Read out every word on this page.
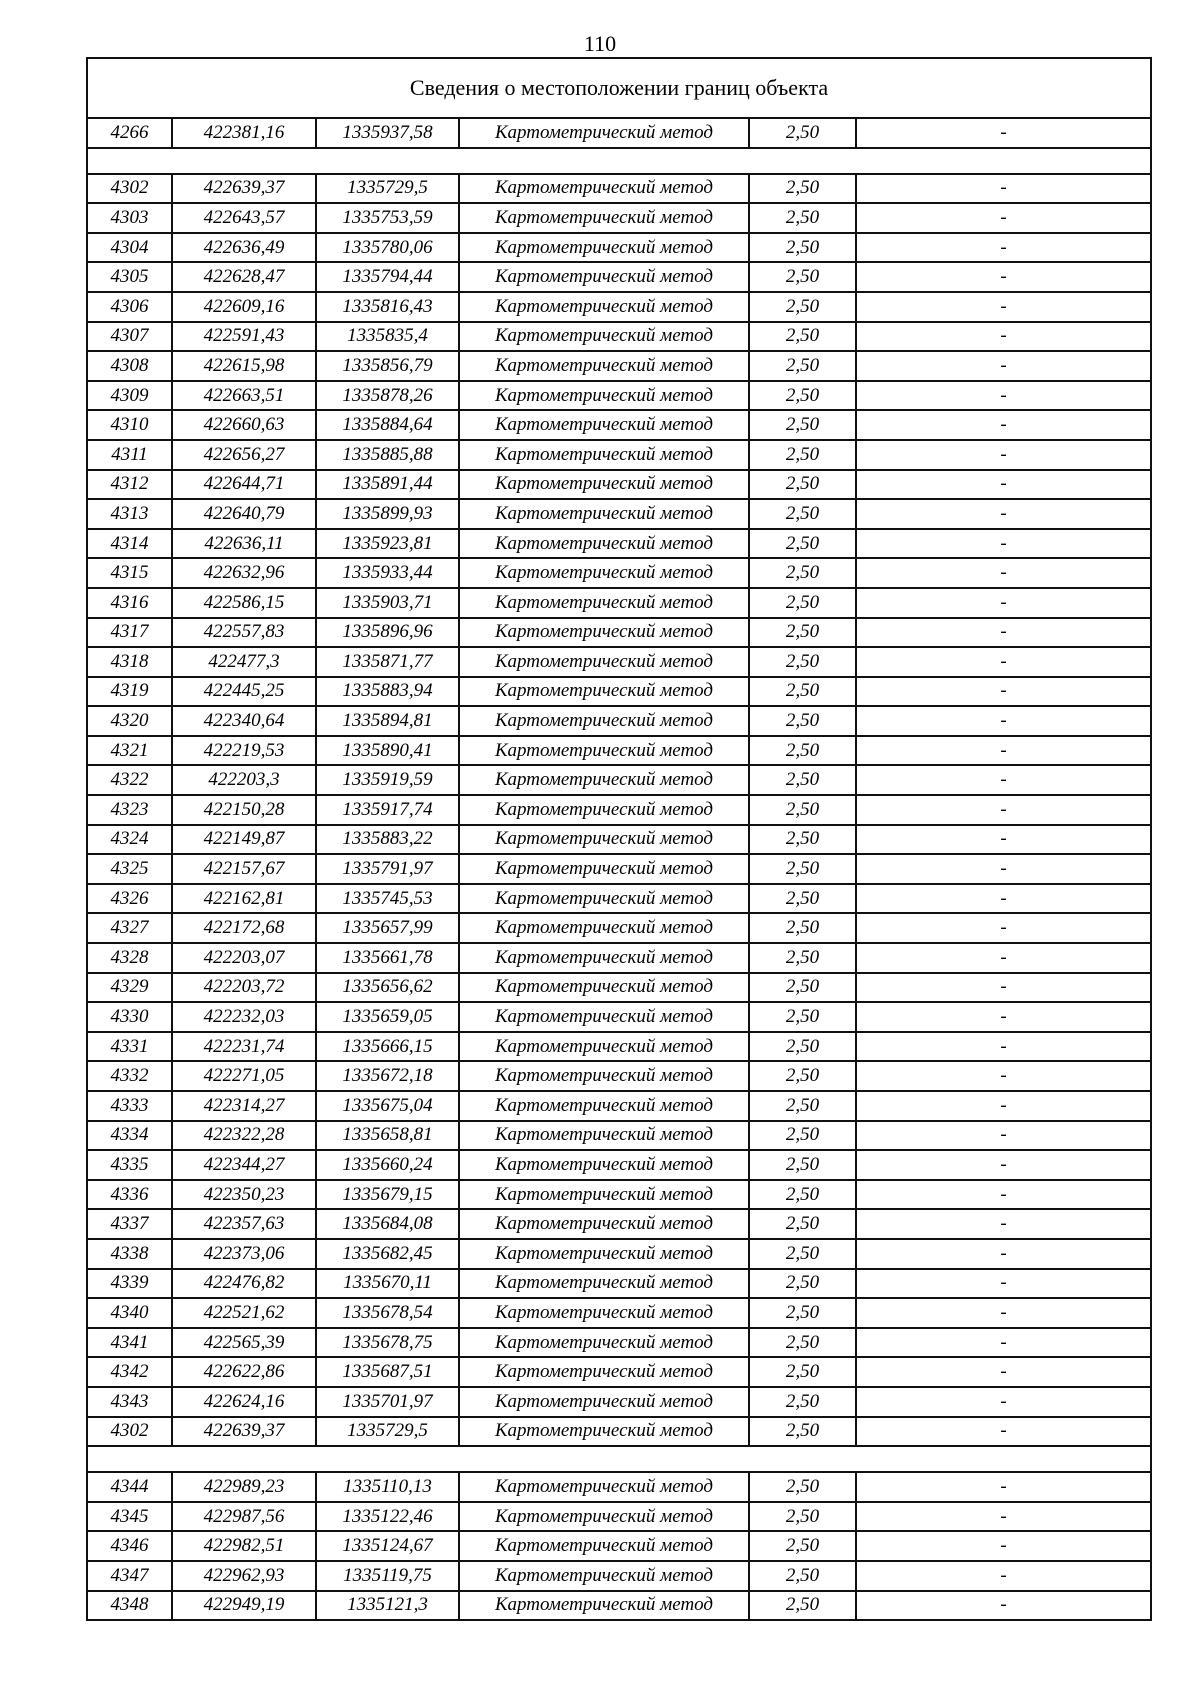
110
Сведения о местоположении границ объекта					
4266	422381,16	1335937,58	Картометрический метод	2,50	-

4302	422639,37	1335729,5	Картометрический метод	2,50	-
4303	422643,57	1335753,59	Картометрический метод	2,50	-
4304	422636,49	1335780,06	Картометрический метод	2,50	-
4305	422628,47	1335794,44	Картометрический метод	2,50	-
4306	422609,16	1335816,43	Картометрический метод	2,50	-
4307	422591,43	1335835,4	Картометрический метод	2,50	-
4308	422615,98	1335856,79	Картометрический метод	2,50	-
4309	422663,51	1335878,26	Картометрический метод	2,50	-
4310	422660,63	1335884,64	Картометрический метод	2,50	-
4311	422656,27	1335885,88	Картометрический метод	2,50	-
4312	422644,71	1335891,44	Картометрический метод	2,50	-
4313	422640,79	1335899,93	Картометрический метод	2,50	-
4314	422636,11	1335923,81	Картометрический метод	2,50	-
4315	422632,96	1335933,44	Картометрический метод	2,50	-
4316	422586,15	1335903,71	Картометрический метод	2,50	-
4317	422557,83	1335896,96	Картометрический метод	2,50	-
4318	422477,3	1335871,77	Картометрический метод	2,50	-
4319	422445,25	1335883,94	Картометрический метод	2,50	-
4320	422340,64	1335894,81	Картометрический метод	2,50	-
4321	422219,53	1335890,41	Картометрический метод	2,50	-
4322	422203,3	1335919,59	Картометрический метод	2,50	-
4323	422150,28	1335917,74	Картометрический метод	2,50	-
4324	422149,87	1335883,22	Картометрический метод	2,50	-
4325	422157,67	1335791,97	Картометрический метод	2,50	-
4326	422162,81	1335745,53	Картометрический метод	2,50	-
4327	422172,68	1335657,99	Картометрический метод	2,50	-
4328	422203,07	1335661,78	Картометрический метод	2,50	-
4329	422203,72	1335656,62	Картометрический метод	2,50	-
4330	422232,03	1335659,05	Картометрический метод	2,50	-
4331	422231,74	1335666,15	Картометрический метод	2,50	-
4332	422271,05	1335672,18	Картометрический метод	2,50	-
4333	422314,27	1335675,04	Картометрический метод	2,50	-
4334	422322,28	1335658,81	Картометрический метод	2,50	-
4335	422344,27	1335660,24	Картометрический метод	2,50	-
4336	422350,23	1335679,15	Картометрический метод	2,50	-
4337	422357,63	1335684,08	Картометрический метод	2,50	-
4338	422373,06	1335682,45	Картометрический метод	2,50	-
4339	422476,82	1335670,11	Картометрический метод	2,50	-
4340	422521,62	1335678,54	Картометрический метод	2,50	-
4341	422565,39	1335678,75	Картометрический метод	2,50	-
4342	422622,86	1335687,51	Картометрический метод	2,50	-
4343	422624,16	1335701,97	Картометрический метод	2,50	-
4302	422639,37	1335729,5	Картометрический метод	2,50	-

4344	422989,23	1335110,13	Картометрический метод	2,50	-
4345	422987,56	1335122,46	Картометрический метод	2,50	-
4346	422982,51	1335124,67	Картометрический метод	2,50	-
4347	422962,93	1335119,75	Картометрический метод	2,50	-
4348	422949,19	1335121,3	Картометрический метод	2,50	-
